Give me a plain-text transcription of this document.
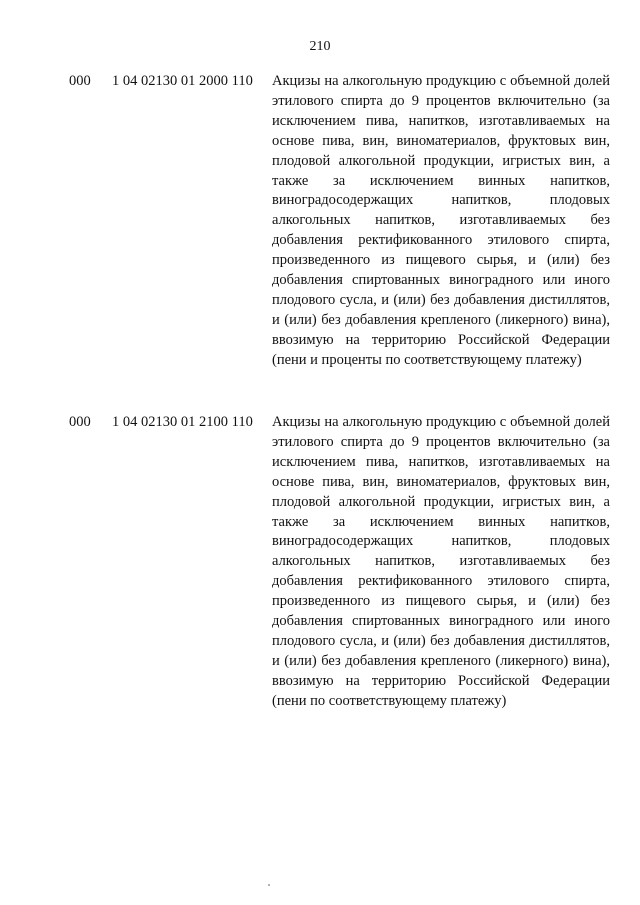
210
000 1 04 02130 01 2000 110 Акцизы на алкогольную продукцию с объемной долей этилового спирта до 9 процентов включительно (за исключением пива, напитков, изготавливаемых на основе пива, вин, виноматериалов, фруктовых вин, плодовой алкогольной продукции, игристых вин, а также за исключением винных напитков, виноградосодержащих напитков, плодовых алкогольных напитков, изготавливаемых без добавления ректификованного этилового спирта, произведенного из пищевого сырья, и (или) без добавления спиртованных виноградного или иного плодового сусла, и (или) без добавления дистиллятов, и (или) без добавления крепленого (ликерного) вина), ввозимую на территорию Российской Федерации (пени и проценты по соответствующему платежу)
000 1 04 02130 01 2100 110 Акцизы на алкогольную продукцию с объемной долей этилового спирта до 9 процентов включительно (за исключением пива, напитков, изготавливаемых на основе пива, вин, виноматериалов, фруктовых вин, плодовой алкогольной продукции, игристых вин, а также за исключением винных напитков, виноградосодержащих напитков, плодовых алкогольных напитков, изготавливаемых без добавления ректификованного этилового спирта, произведенного из пищевого сырья, и (или) без добавления спиртованных виноградного или иного плодового сусла, и (или) без добавления дистиллятов, и (или) без добавления крепленого (ликерного) вина), ввозимую на территорию Российской Федерации (пени по соответствующему платежу)
